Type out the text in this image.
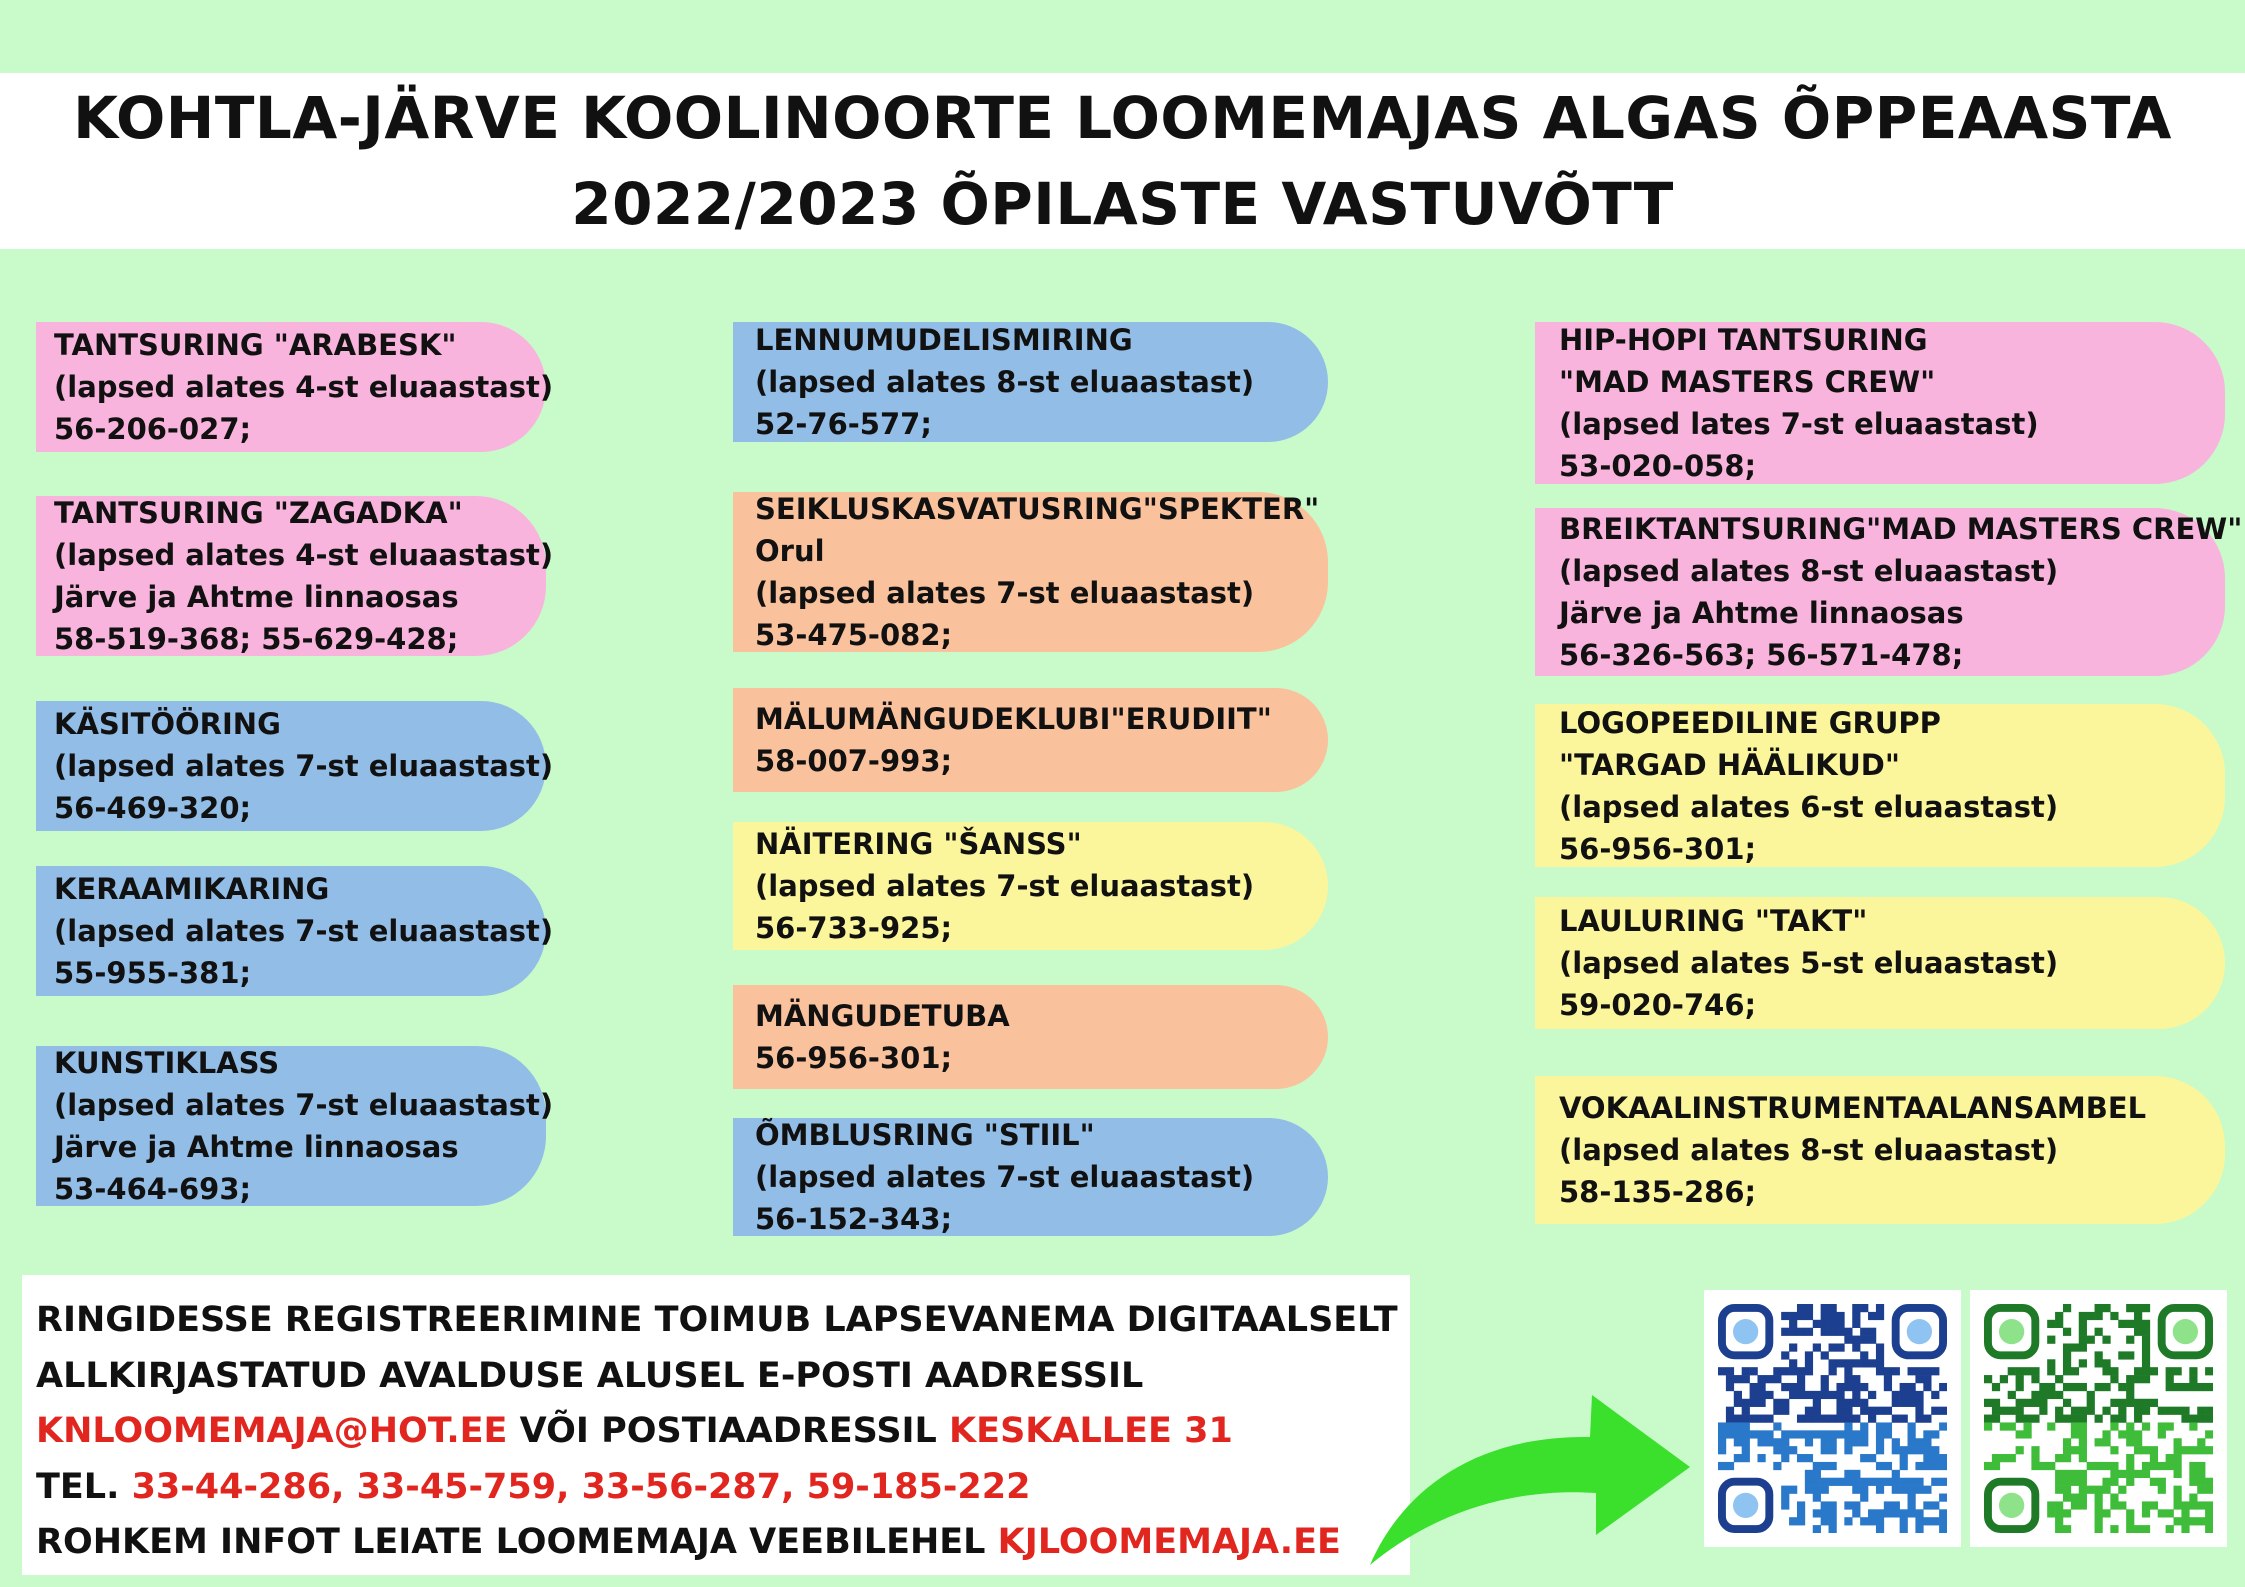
KOHTLA-JÄRVE KOOLINOORTE LOOMEMAJAS ALGAS ÕPPEAASTA
2022/2023 ÕPILASTE VASTUVÕTT
TANTSURING "ARABESK"
(lapsed alates 4-st eluaastast)
56-206-027;
TANTSURING "ZAGADKA"
(lapsed alates 4-st eluaastast)
Järve ja Ahtme linnaosas
58-519-368; 55-629-428;
KÄSITÖÖRING
(lapsed alates 7-st eluaastast)
56-469-320;
KERAAMIKARING
(lapsed alates 7-st eluaastast)
55-955-381;
KUNSTIKLASS
(lapsed alates 7-st eluaastast)
Järve ja Ahtme linnaosas
53-464-693;
LENNUMUDELISMIRING
(lapsed alates 8-st eluaastast)
52-76-577;
SEIKLUSKASVATUSRING"SPEKTER"
Orul
(lapsed alates 7-st eluaastast)
53-475-082;
MÄLUMÄNGUDEKLUBI"ERUDIIT"
58-007-993;
NÄITERING "ŠANSS"
(lapsed alates 7-st eluaastast)
56-733-925;
MÄNGUDETUBA
56-956-301;
ÕMBLUSRING "STIIL"
(lapsed alates 7-st eluaastast)
56-152-343;
HIP-HOPI TANTSURING
"MAD MASTERS CREW"
(lapsed lates 7-st eluaastast)
53-020-058;
BREIKTANTSURING"MAD MASTERS CREW"
(lapsed alates 8-st eluaastast)
Järve ja Ahtme linnaosas
56-326-563; 56-571-478;
LOGOPEEDILINE GRUPP
"TARGAD HÄÄLIKUD"
(lapsed alates 6-st eluaastast)
56-956-301;
LAULURING "TAKT"
(lapsed alates 5-st eluaastast)
59-020-746;
VOKAALINSTRUMENTAALANSAMBEL
(lapsed alates 8-st eluaastast)
58-135-286;
RINGIDESSE REGISTREERIMINE TOIMUB LAPSEVANEMA DIGITAALSELT
ALLKIRJASTATUD AVALDUSE ALUSEL E-POSTI AADRESSIL
KNLOOMEMAJA@HOT.EE VÕI POSTIAADRESSIL KESKALLEE 31
TEL. 33-44-286, 33-45-759, 33-56-287, 59-185-222
ROHKEM INFOT LEIATE LOOMEMAJA VEEBILEHEL KJLOOMEMAJA.EE
